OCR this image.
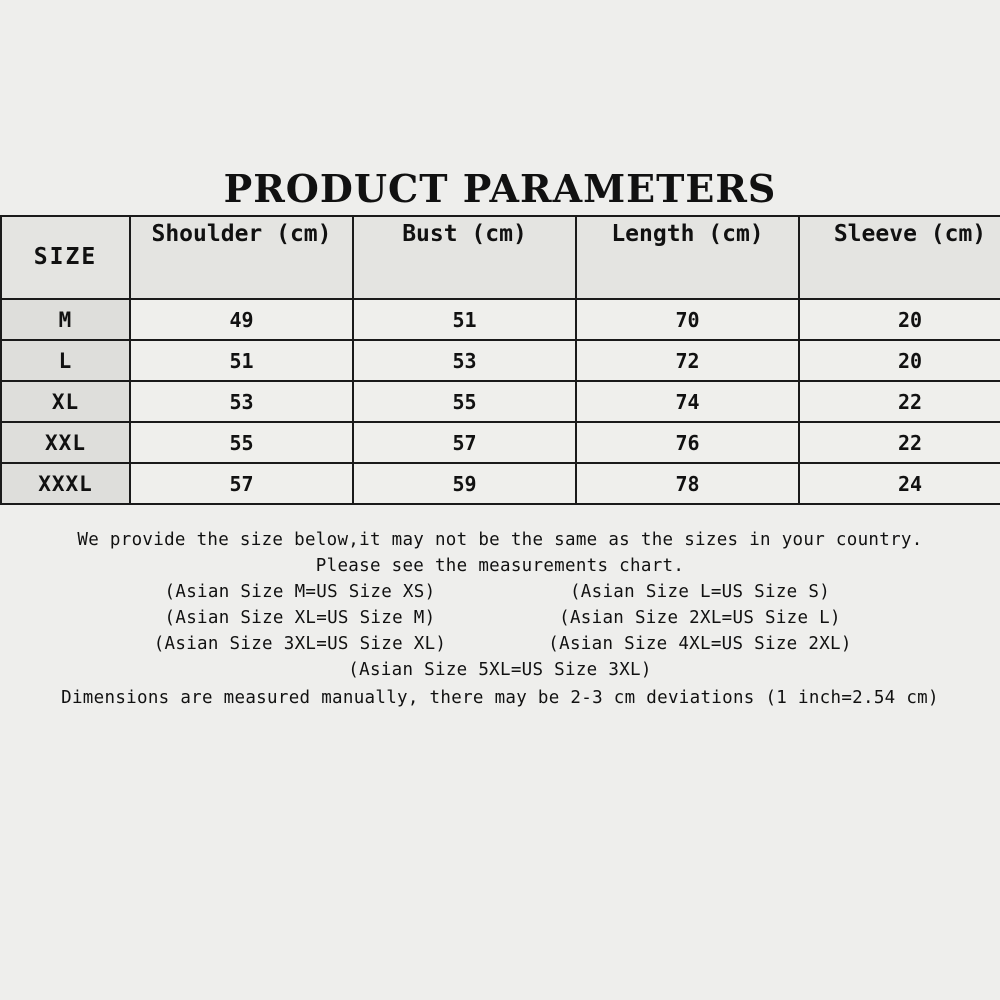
PRODUCT PARAMETERS
SIZE	Shoulder (cm)	Bust (cm)	Length (cm)	Sleeve (cm)
M	49	51	70	20
L	51	53	72	20
XL	53	55	74	22
XXL	55	57	76	22
XXXL	57	59	78	24
We provide the size below,it may not be the same as the sizes in your country.
Please see the measurements chart.
(Asian Size M=US Size XS)	(Asian Size L=US Size S)
(Asian Size XL=US Size M)	(Asian Size 2XL=US Size L)
(Asian Size 3XL=US Size XL)	(Asian Size 4XL=US Size 2XL)
(Asian Size 5XL=US Size 3XL)
Dimensions are measured manually, there may be 2-3 cm deviations (1 inch=2.54 cm)
